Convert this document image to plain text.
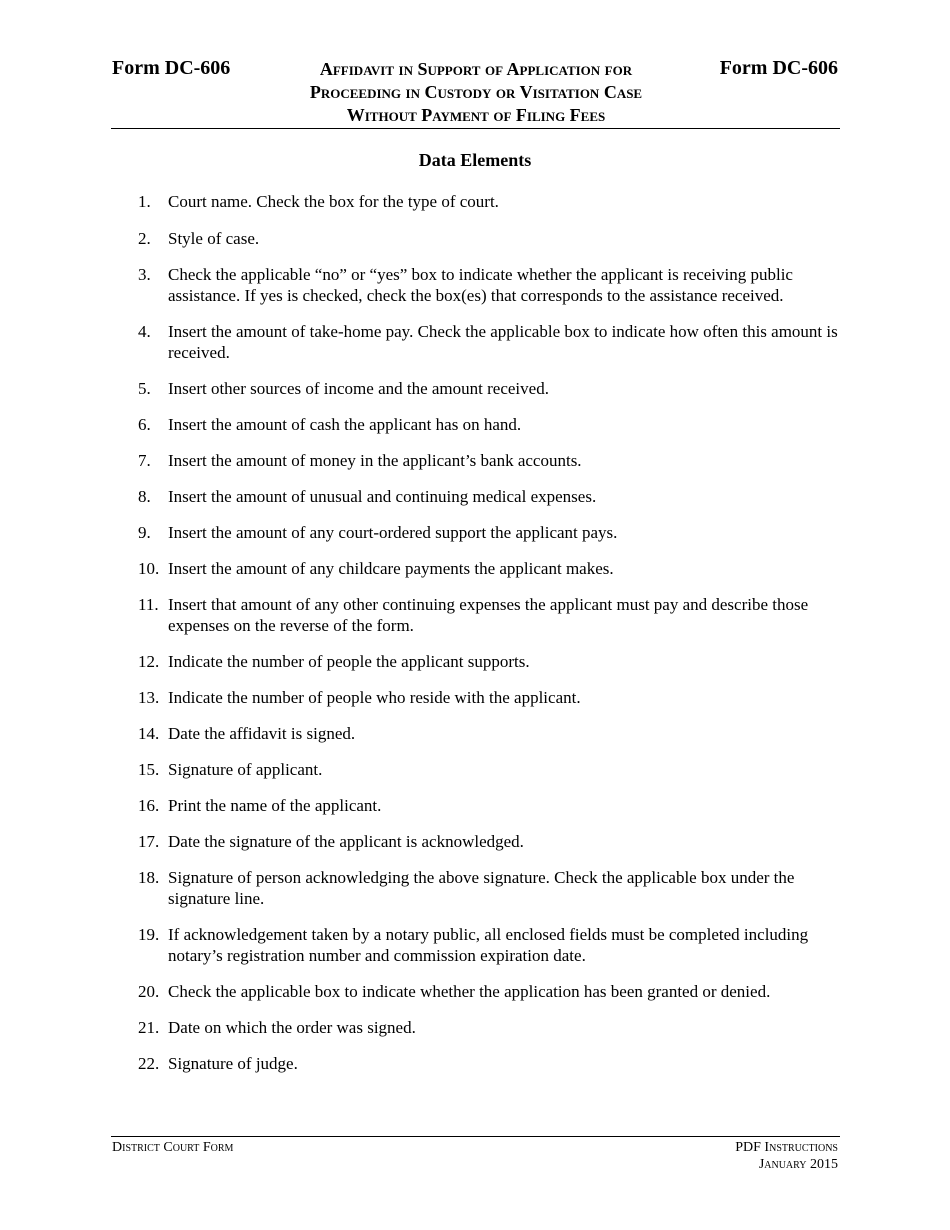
Form DC-606	Affidavit in Support of Application for
Proceeding in Custody or Visitation Case
Without Payment of Filing Fees
Form DC-606
Data Elements
1.	Court name. Check the box for the type of court.
2.	Style of case.
3.	Check the applicable “no” or “yes” box to indicate whether the applicant is receiving public assistance. If yes is checked, check the box(es) that corresponds to the assistance received.
4.	Insert the amount of take-home pay. Check the applicable box to indicate how often this amount is received.
5.	Insert other sources of income and the amount received.
6.	Insert the amount of cash the applicant has on hand.
7.	Insert the amount of money in the applicant’s bank accounts.
8.	Insert the amount of unusual and continuing medical expenses.
9.	Insert the amount of any court-ordered support the applicant pays.
10. Insert the amount of any childcare payments the applicant makes.
11. Insert that amount of any other continuing expenses the applicant must pay and describe those expenses on the reverse of the form.
12. Indicate the number of people the applicant supports.
13. Indicate the number of people who reside with the applicant.
14. Date the affidavit is signed.
15. Signature of applicant.
16. Print the name of the applicant.
17. Date the signature of the applicant is acknowledged.
18. Signature of person acknowledging the above signature. Check the applicable box under the signature line.
19. If acknowledgement taken by a notary public, all enclosed fields must be completed including notary’s registration number and commission expiration date.
20. Check the applicable box to indicate whether the application has been granted or denied.
21. Date on which the order was signed.
22. Signature of judge.
District Court Form	PDF Instructions
January 2015
